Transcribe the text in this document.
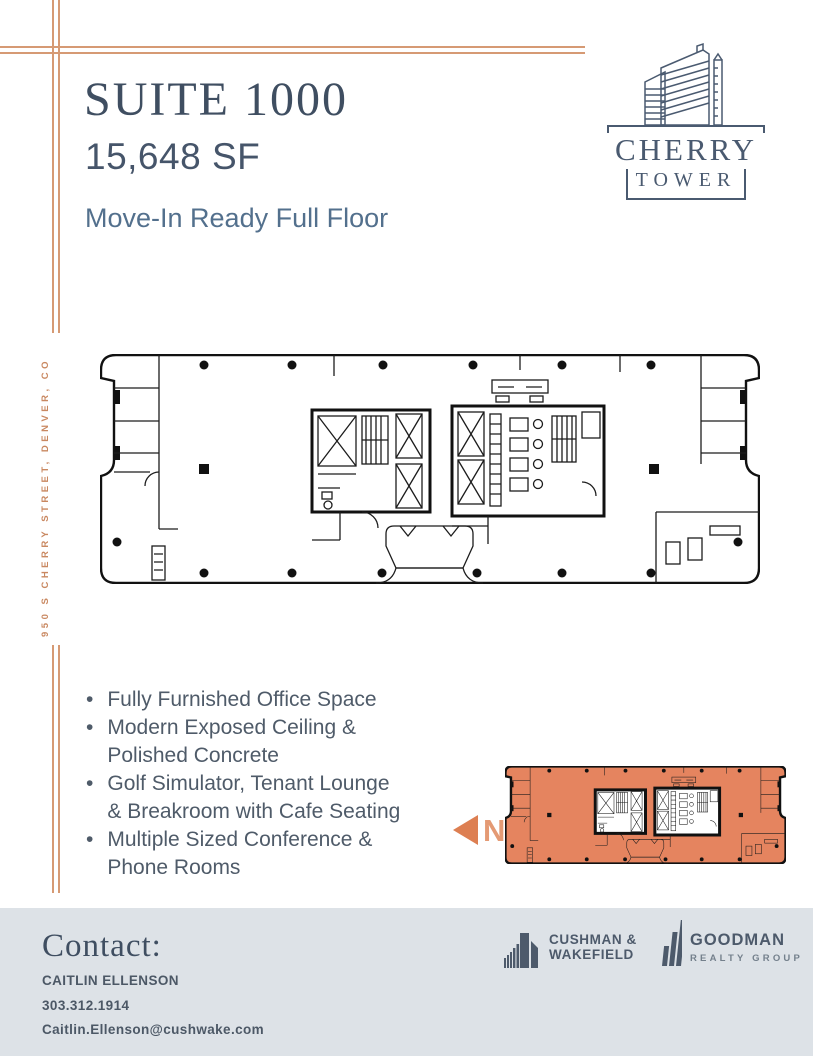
SUITE 1000
15,648 SF
Move-In Ready Full Floor
CHERRY
TOWER
950 S CHERRY STREET, DENVER, CO
• Fully Furnished Office Space
• Modern Exposed Ceiling & Polished Concrete
• Golf Simulator, Tenant Lounge & Breakroom with Cafe Seating
• Multiple Sized Conference & Phone Rooms
N
Contact:
CAITLIN ELLENSON
303.312.1914
Caitlin.Ellenson@cushwake.com
CUSHMAN &
WAKEFIELD
GOODMAN
REALTY GROUP
